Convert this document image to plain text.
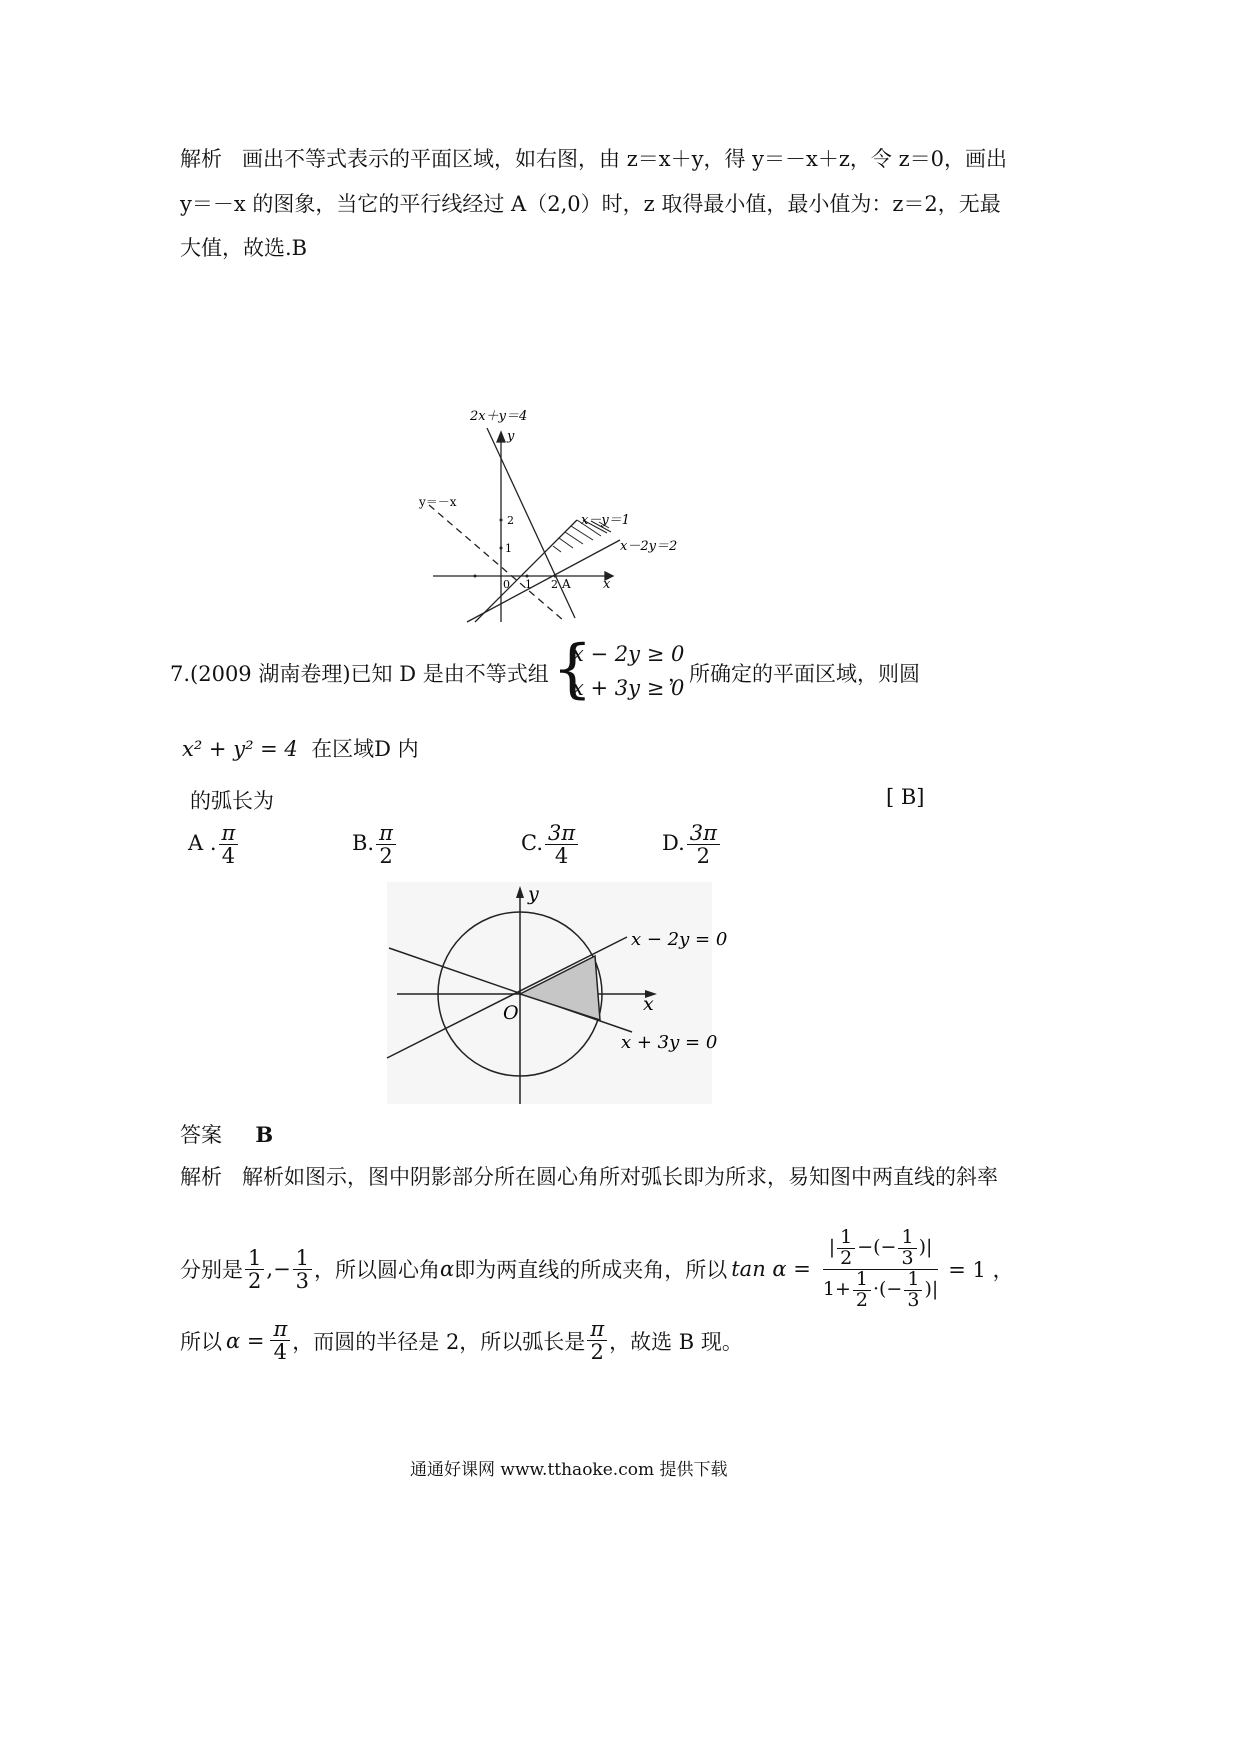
解析 画出不等式表示的平面区域，如右图，由 z＝x＋y，得 y＝－x＋z，令 z＝0，画出
y＝－x 的图象，当它的平行线经过 A（2,0）时，z 取得最小值，最小值为：z＝2，无最
大值，故选.B
2x＋y＝4
y
x
y＝－x
x－y＝1
x－2y＝2
2
1
0 1 2 A
7.(2009 湖南卷理)已知 D 是由不等式组 {
x − 2y ≥ 0
x + 3y ≥ 0
，所确定的平面区域，则圆
x² + y² = 4 在区域D 内
的弧长为	[ B]
A . $\frac{\pi}{4}$	B. $\frac{\pi}{2}$	C. $\frac{3\pi}{4}$	D. $\frac{3\pi}{2}$
y
x
O
x − 2y = 0
x + 3y = 0
答案 B
解析 解析如图示，图中阴影部分所在圆心角所对弧长即为所求，易知图中两直线的斜率
分别是 $\frac{1}{2}$ , − $\frac{1}{3}$ ，所以圆心角 α 即为两直线的所成夹角，所以 $\tan \alpha = \frac{| \frac{1}{2} -(- \frac{1}{3} )|}{1+ \frac{1}{2} \cdot(- \frac{1}{3} )|} = 1$ ，
所以 $\alpha = \frac{\pi}{4}$ ，而圆的半径是 2，所以弧长是 $\frac{\pi}{2}$ ，故选 B 现。
通通好课网 www.tthaoke.com 提供下载
